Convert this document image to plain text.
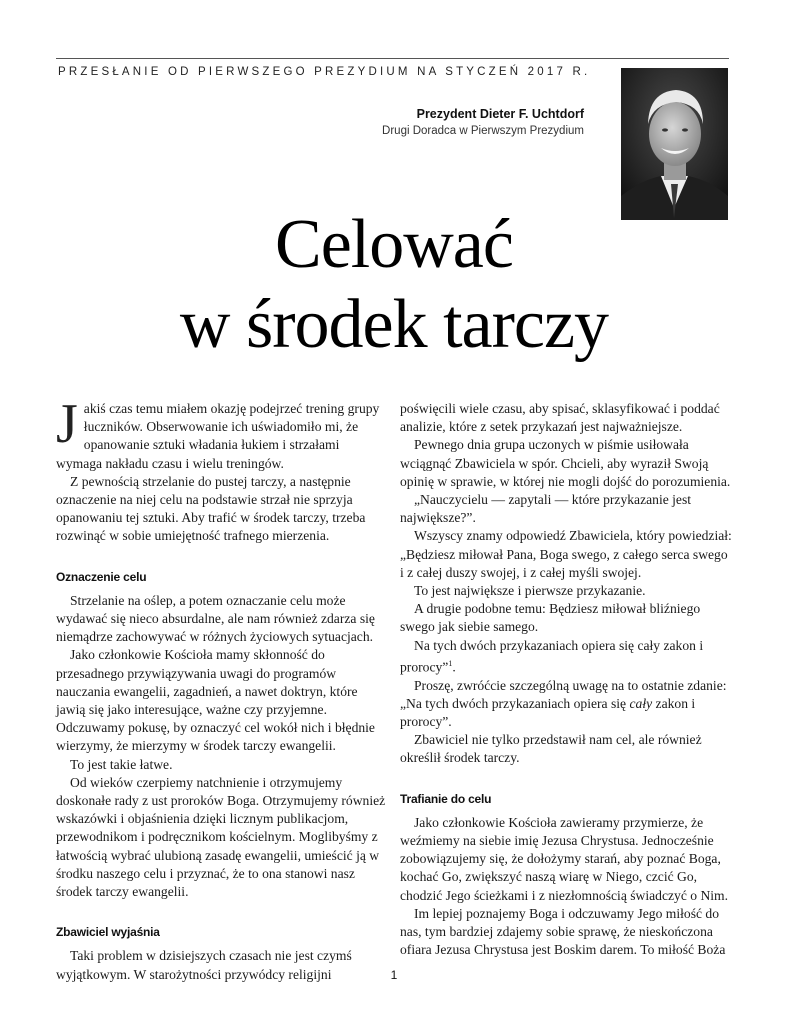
PRZESŁANIE OD PIERWSZEGO PREZYDIUM NA STYCZEŃ 2017 R.
Prezydent Dieter F. Uchtdorf
Drugi Doradca w Pierwszym Prezydium
Celować
w środek tarczy

Jakiś czas temu miałem okazję podejrzeć trening grupy łuczników. Obserwowanie ich uświadomiło mi, że opanowanie sztuki władania łukiem i strzałami wymaga nakładu czasu i wielu treningów.

Z pewnością strzelanie do pustej tarczy, a następnie oznaczenie na niej celu na podstawie strzał nie sprzyja opanowaniu tej sztuki. Aby trafić w środek tarczy, trzeba rozwinąć w sobie umiejętność trafnego mierzenia.

Oznaczenie celu

Strzelanie na oślep, a potem oznaczanie celu może wydawać się nieco absurdalne, ale nam również zdarza się niemądrze zachowywać w różnych życiowych sytuacjach.

Jako członkowie Kościoła mamy skłonność do przesadnego przywiązywania uwagi do programów nauczania ewangelii, zagadnień, a nawet doktryn, które jawią się jako interesujące, ważne czy przyjemne. Odczuwamy pokusę, by oznaczyć cel wokół nich i błędnie wierzymy, że mierzymy w środek tarczy ewangelii.

To jest takie łatwe.

Od wieków czerpiemy natchnienie i otrzymujemy doskonałe rady z ust proroków Boga. Otrzymujemy również wskazówki i objaśnienia dzięki licznym publikacjom, przewodnikom i podręcznikom kościelnym. Moglibyśmy z łatwością wybrać ulubioną zasadę ewangelii, umieścić ją w środku naszego celu i przyznać, że to ona stanowi nasz środek tarczy ewangelii.

Zbawiciel wyjaśnia

Taki problem w dzisiejszych czasach nie jest czymś wyjątkowym. W starożytności przywódcy religijni

poświęcili wiele czasu, aby spisać, sklasyfikować i poddać analizie, które z setek przykazań jest najważniejsze.

Pewnego dnia grupa uczonych w piśmie usiłowała wciągnąć Zbawiciela w spór. Chcieli, aby wyraził Swoją opinię w sprawie, w której nie mogli dojść do porozumienia.

„Nauczycielu — zapytali — które przykazanie jest największe?”.

Wszyscy znamy odpowiedź Zbawiciela, który powiedział: „Będziesz miłował Pana, Boga swego, z całego serca swego i z całej duszy swojej, i z całej myśli swojej.

To jest największe i pierwsze przykazanie.

A drugie podobne temu: Będziesz miłował bliźniego swego jak siebie samego.

Na tych dwóch przykazaniach opiera się cały zakon i prorocy”$^1$.

Proszę, zwróćcie szczególną uwagę na to ostatnie zdanie: „Na tych dwóch przykazaniach opiera się cały zakon i prorocy”.

Zbawiciel nie tylko przedstawił nam cel, ale również określił środek tarczy.

Trafianie do celu

Jako członkowie Kościoła zawieramy przymierze, że weźmiemy na siebie imię Jezusa Chrystusa. Jednocześnie zobowiązujemy się, że dołożymy starań, aby poznać Boga, kochać Go, zwiększyć naszą wiarę w Niego, czcić Go, chodzić Jego ścieżkami i z niezłomnością świadczyć o Nim.

Im lepiej poznajemy Boga i odczuwamy Jego miłość do nas, tym bardziej zdajemy sobie sprawę, że nieskończona ofiara Jezusa Chrystusa jest Boskim darem. To miłość Boża

1
